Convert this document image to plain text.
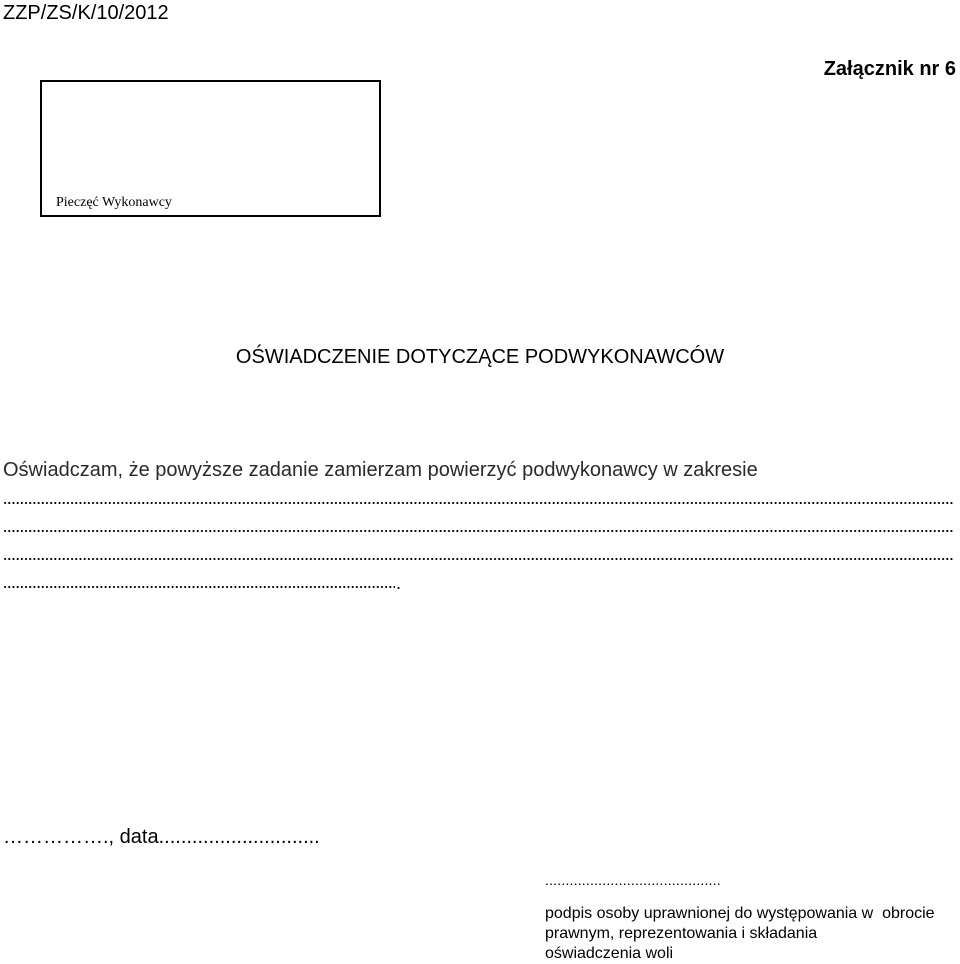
ZZP/ZS/K/10/2012
Załącznik nr 6
Pieczęć Wykonawcy
OŚWIADCZENIE DOTYCZĄCE PODWYKONAWCÓW
Oświadczam, że powyższe zadanie zamierzam powierzyć podwykonawcy w zakresie
.
……………., data.............................
...........................................
podpis osoby uprawnionej do występowania w  obrocie
prawnym, reprezentowania i składania
oświadczenia woli
